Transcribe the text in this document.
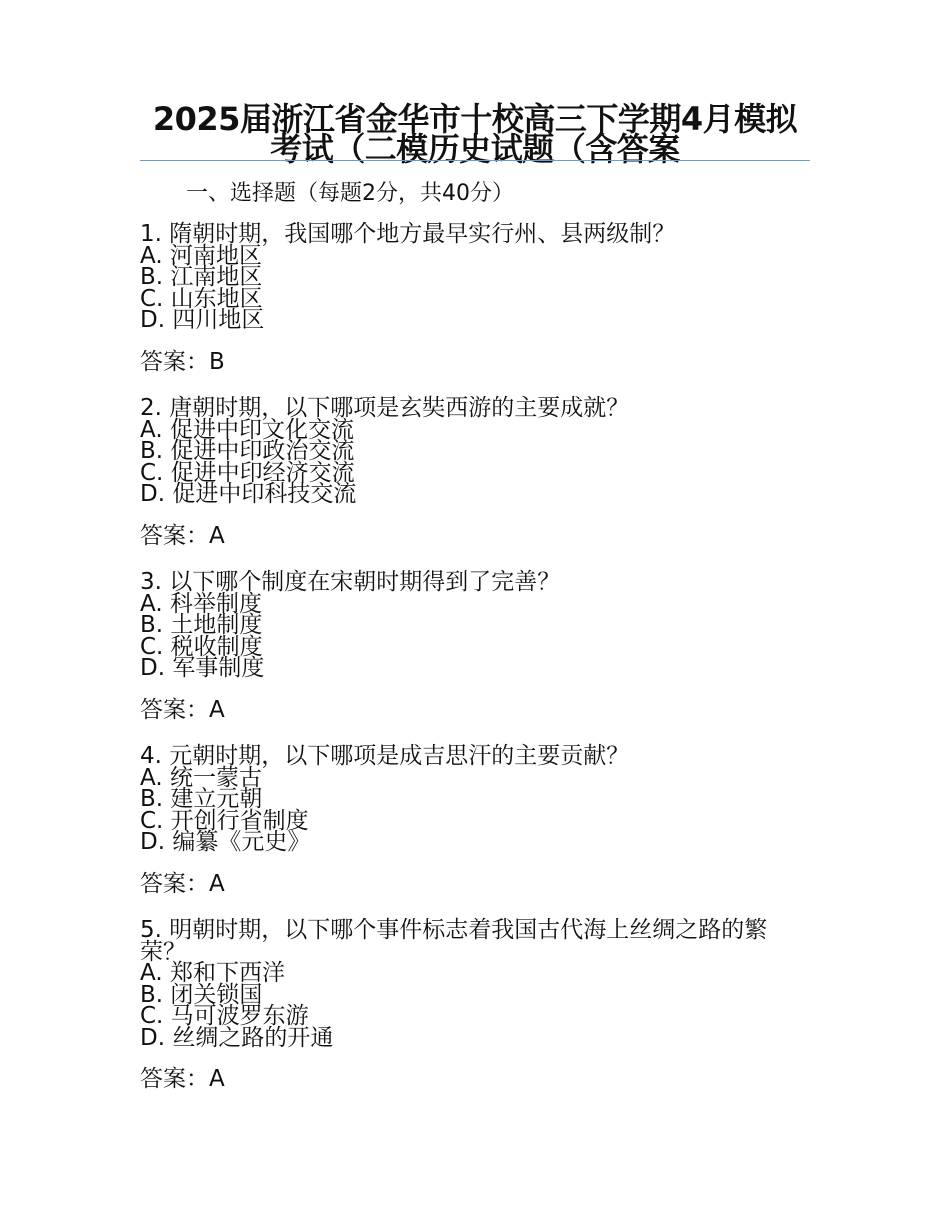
2025届浙江省金华市十校高三下学期4月模拟考试（二模历史试题（含答案
一、选择题（每题2分，共40分）
1. 隋朝时期，我国哪个地方最早实行州、县两级制？
A. 河南地区
B. 江南地区
C. 山东地区
D. 四川地区
答案：B
2. 唐朝时期，以下哪项是玄奘西游的主要成就？
A. 促进中印文化交流
B. 促进中印政治交流
C. 促进中印经济交流
D. 促进中印科技交流
答案：A
3. 以下哪个制度在宋朝时期得到了完善？
A. 科举制度
B. 土地制度
C. 税收制度
D. 军事制度
答案：A
4. 元朝时期，以下哪项是成吉思汗的主要贡献？
A. 统一蒙古
B. 建立元朝
C. 开创行省制度
D. 编纂《元史》
答案：A
5. 明朝时期，以下哪个事件标志着我国古代海上丝绸之路的繁荣？
A. 郑和下西洋
B. 闭关锁国
C. 马可波罗东游
D. 丝绸之路的开通
答案：A
